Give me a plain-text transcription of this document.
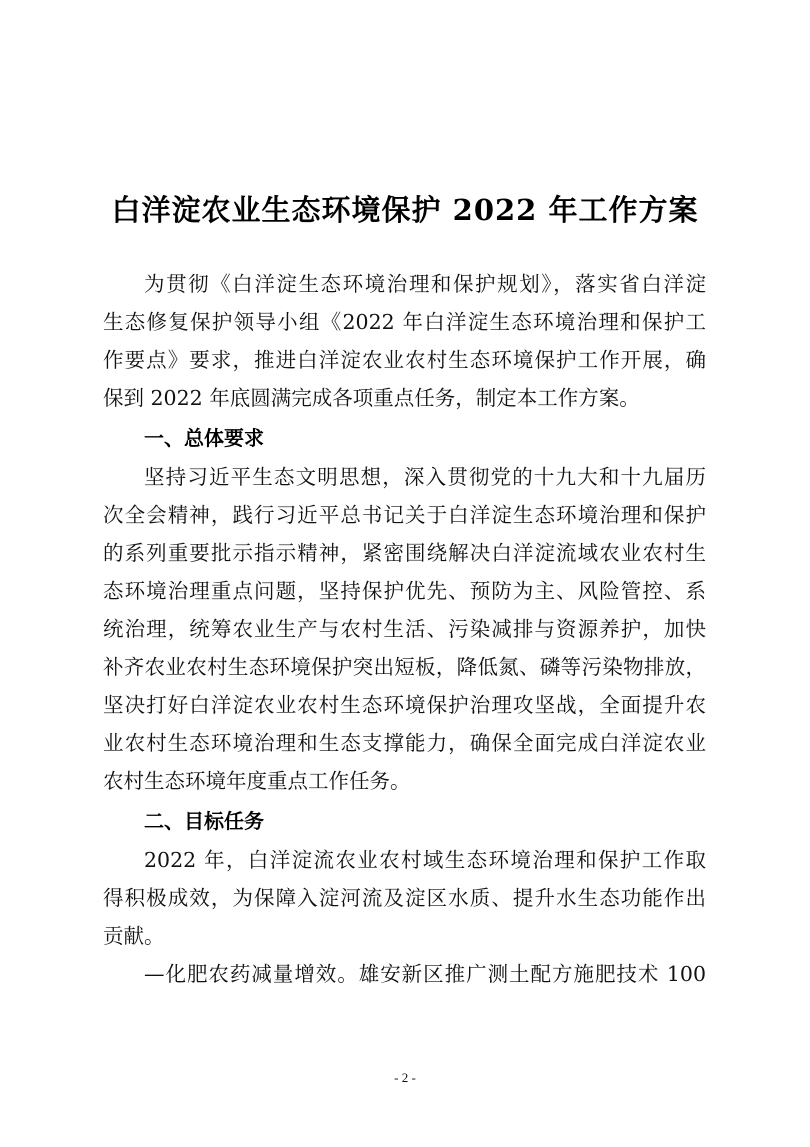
白洋淀农业生态环境保护 2022 年工作方案
为贯彻《白洋淀生态环境治理和保护规划》，落实省白洋淀
生态修复保护领导小组《2022 年白洋淀生态环境治理和保护工
作要点》要求，推进白洋淀农业农村生态环境保护工作开展，确
保到 2022 年底圆满完成各项重点任务，制定本工作方案。
一、总体要求
坚持习近平生态文明思想，深入贯彻党的十九大和十九届历
次全会精神，践行习近平总书记关于白洋淀生态环境治理和保护
的系列重要批示指示精神，紧密围绕解决白洋淀流域农业农村生
态环境治理重点问题，坚持保护优先、预防为主、风险管控、系
统治理，统筹农业生产与农村生活、污染减排与资源养护，加快
补齐农业农村生态环境保护突出短板，降低氮、磷等污染物排放，
坚决打好白洋淀农业农村生态环境保护治理攻坚战，全面提升农
业农村生态环境治理和生态支撑能力，确保全面完成白洋淀农业
农村生态环境年度重点工作任务。
二、目标任务
2022 年，白洋淀流农业农村域生态环境治理和保护工作取
得积极成效，为保障入淀河流及淀区水质、提升水生态功能作出
贡献。
—化肥农药减量增效。雄安新区推广测土配方施肥技术 100
- 2 -
